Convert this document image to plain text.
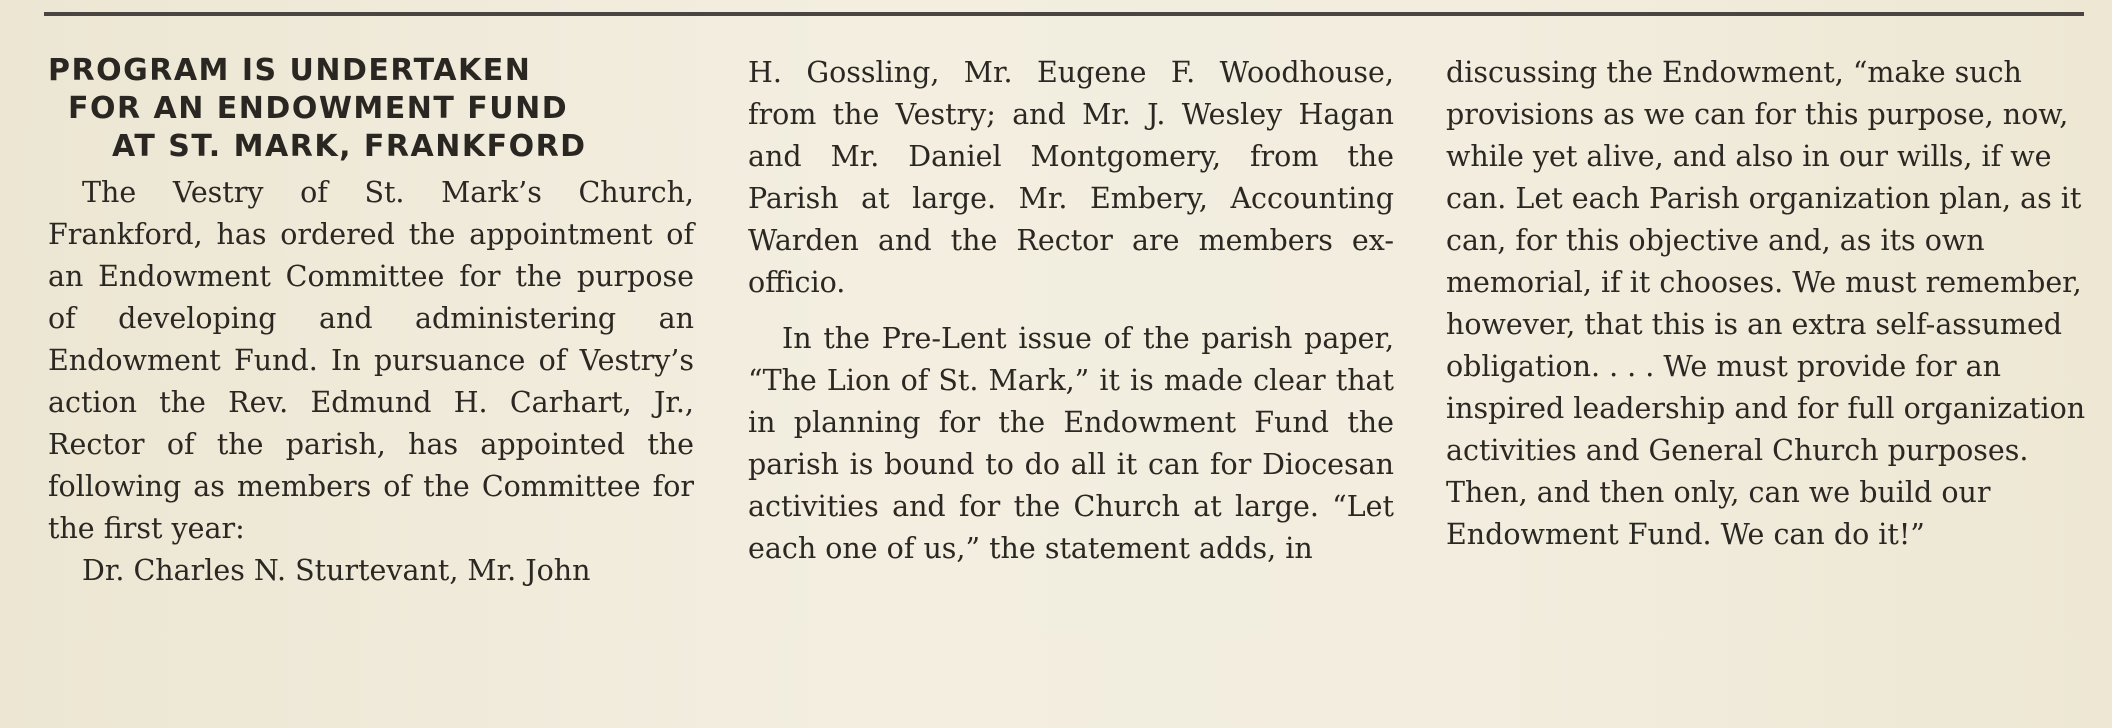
PROGRAM IS UNDERTAKEN
FOR AN ENDOWMENT FUND
AT ST. MARK, FRANKFORD

The Vestry of St. Mark’s Church, Frankford, has ordered the appointment of an Endowment Committee for the purpose of developing and administering an Endowment Fund. In pursuance of Vestry’s action the Rev. Edmund H. Carhart, Jr., Rector of the parish, has appointed the following as members of the Committee for the first year:

Dr. Charles N. Sturtevant, Mr. John

H. Gossling, Mr. Eugene F. Woodhouse, from the Vestry; and Mr. J. Wesley Hagan and Mr. Daniel Montgomery, from the Parish at large. Mr. Embery, Accounting Warden and the Rector are members ex-officio.

In the Pre-Lent issue of the parish paper, “The Lion of St. Mark,” it is made clear that in planning for the Endowment Fund the parish is bound to do all it can for Diocesan activities and for the Church at large. “Let each one of us,” the statement adds, in

discussing the Endowment, “make such provisions as we can for this purpose, now, while yet alive, and also in our wills, if we can. Let each Parish organization plan, as it can, for this objective and, as its own memorial, if it chooses. We must remember, however, that this is an extra self-assumed obligation. . . . We must provide for an inspired leadership and for full organization activities and General Church purposes. Then, and then only, can we build our Endowment Fund. We can do it!”
